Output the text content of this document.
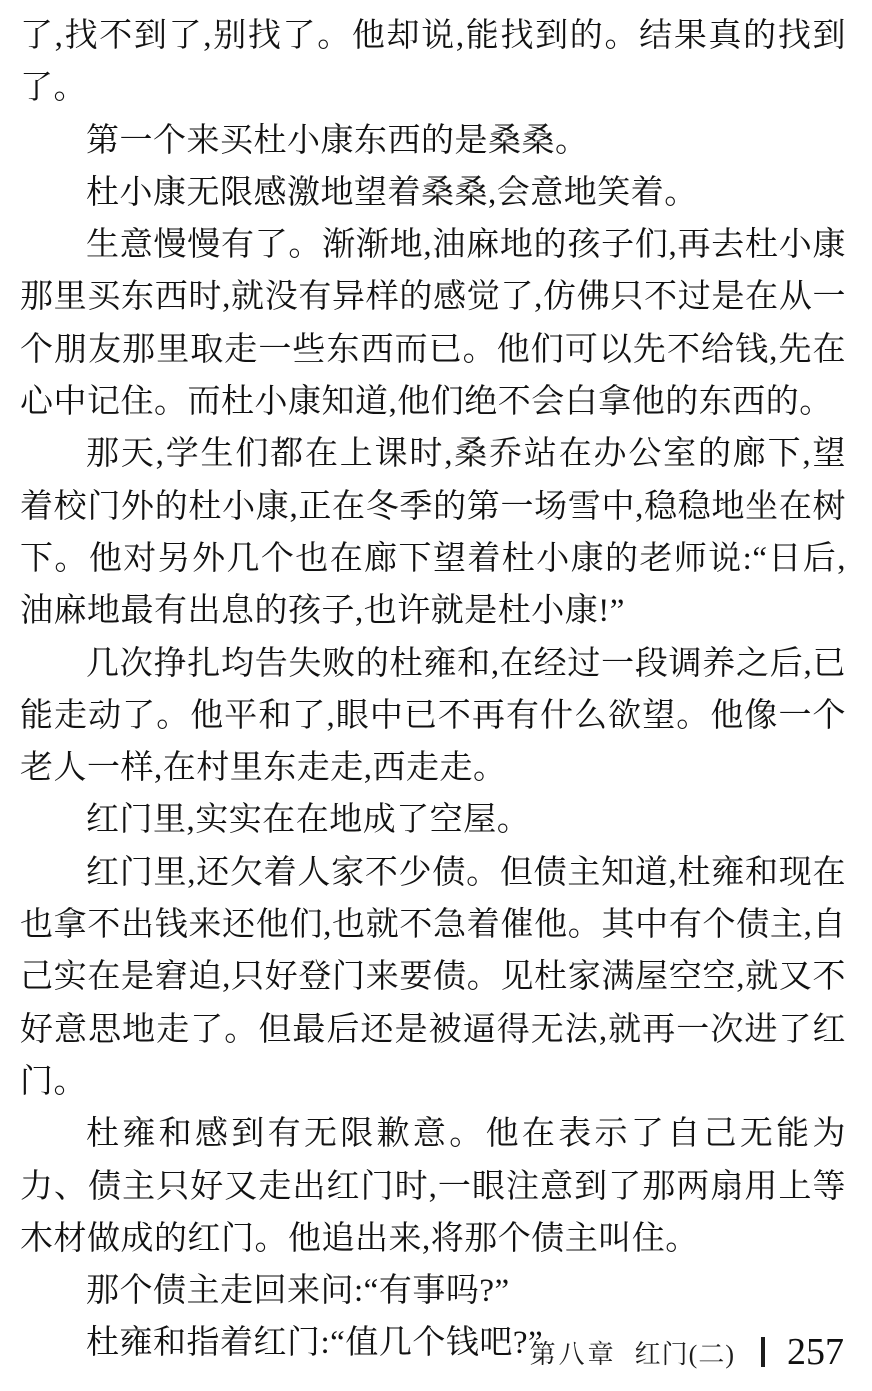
了,找不到了,别找了。他却说,能找到的。结果真的找到了。

第一个来买杜小康东西的是桑桑。

杜小康无限感激地望着桑桑,会意地笑着。

生意慢慢有了。渐渐地,油麻地的孩子们,再去杜小康那里买东西时,就没有异样的感觉了,仿佛只不过是在从一个朋友那里取走一些东西而已。他们可以先不给钱,先在心中记住。而杜小康知道,他们绝不会白拿他的东西的。

那天,学生们都在上课时,桑乔站在办公室的廊下,望着校门外的杜小康,正在冬季的第一场雪中,稳稳地坐在树下。他对另外几个也在廊下望着杜小康的老师说:“日后,油麻地最有出息的孩子,也许就是杜小康!”

几次挣扎均告失败的杜雍和,在经过一段调养之后,已能走动了。他平和了,眼中已不再有什么欲望。他像一个老人一样,在村里东走走,西走走。

红门里,实实在在地成了空屋。

红门里,还欠着人家不少债。但债主知道,杜雍和现在也拿不出钱来还他们,也就不急着催他。其中有个债主,自己实在是窘迫,只好登门来要债。见杜家满屋空空,就又不好意思地走了。但最后还是被逼得无法,就再一次进了红门。

杜雍和感到有无限歉意。他在表示了自己无能为力、债主只好又走出红门时,一眼注意到了那两扇用上等木材做成的红门。他追出来,将那个债主叫住。

那个债主走回来问:“有事吗?”

杜雍和指着红门:“值几个钱吧?”

第八章 红门(二) 257
